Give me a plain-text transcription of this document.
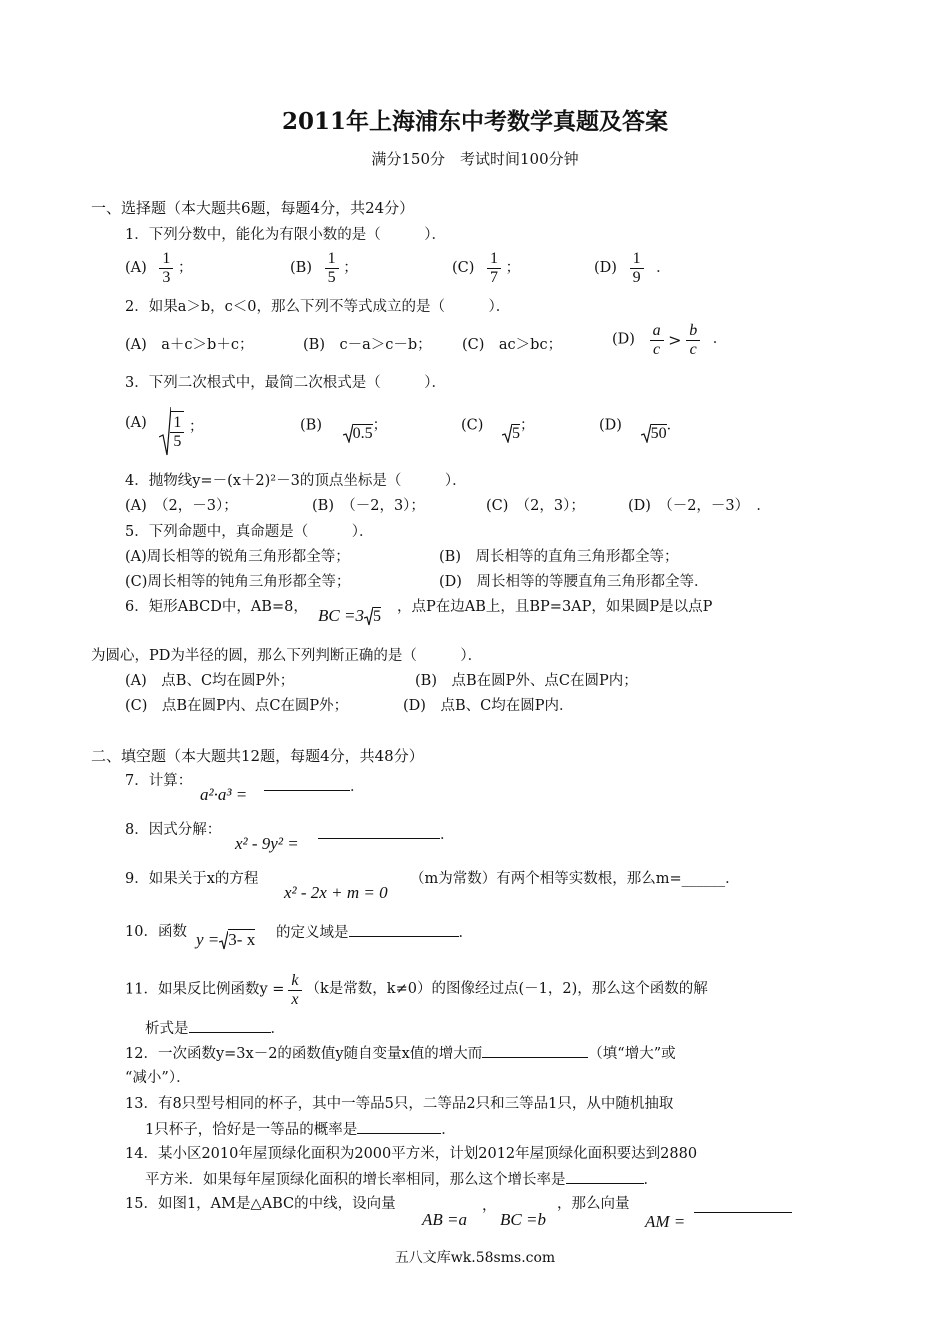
2011年上海浦东中考数学真题及答案
满分150分　考试时间100分钟
一、选择题（本大题共6题，每题4分，共24分）
1．下列分数中，能化为有限小数的是（　　　）．
$(A) \frac{1}{3}$ ；	$(B) \frac{1}{5}$ ；	$(C) \frac{1}{7}$ ；	$(D) \frac{1}{9}$ ．
2．如果a＞b，c＜0，那么下列不等式成立的是（　　　）．
(A)　a＋c＞b＋c；	(B)　c－a＞c－b； (C)　ac＞bc；	$(D) \frac{a}{c} > \frac{b}{c}$ ．
3．下列二次根式中，最简二次根式是（　　　）．
$(A) \frac{1}{5}$ ；	(B) 0.5；	(C) 5；	(D) 50．
4．抛物线y=－(x＋2)²－3的顶点坐标是（　　　）．
(A)　（2，－3）；	(B)　（－2，3）；	(C)　（2，3）；	(D)　（－2，－3）　．
5．下列命题中，真命题是（　　　）．
(A)周长相等的锐角三角形都全等；	(B)　周长相等的直角三角形都全等；
(C)周长相等的钝角三角形都全等；	(D)　周长相等的等腰直角三角形都全等．
6．矩形ABCD中，AB=8， BC =3 5
，点P在边AB上，且BP=3AP，如果圆P是以点P
为圆心，PD为半径的圆，那么下列判断正确的是（　　　）．
(A)　点B、C均在圆P外；	(B)　点B在圆P外、点C在圆P内；
(C)　点B在圆P内、点C在圆P外；	(D)　点B、C均在圆P内．
二、填空题（本大题共12题，每题4分，共48分）
7．计算：
a²·a³ =	．
8．因式分解：
x² - 9y² =	．
9．如果关于x的方程
x² - 2x + m = 0
（m为常数）有两个相等实数根，那么m=______．
10．函数 y = 3- x 的定义域是	．
11．如果反比例函数$y = \frac{k}{x} (k$是常数，k≠0）的图像经过点(－1，2)，那么这个函数的解
析式是	．
12．一次函数y=3x－2的函数值y随自变量x值的增大而	（填“增大”或
“减小”）．
13．有8只型号相同的杯子，其中一等品5只，二等品2只和三等品1只，从中随机抽取
1只杯子，恰好是一等品的概率是	．
14．某小区2010年屋顶绿化面积为2000平方米，计划2012年屋顶绿化面积要达到2880
平方米．如果每年屋顶绿化面积的增长率相同，那么这个增长率是	．
15．如图1，AM是△ABC的中线，设向量
AB =a
，
BC =b
，那么向量
AM =
五八文库wk.58sms.com
